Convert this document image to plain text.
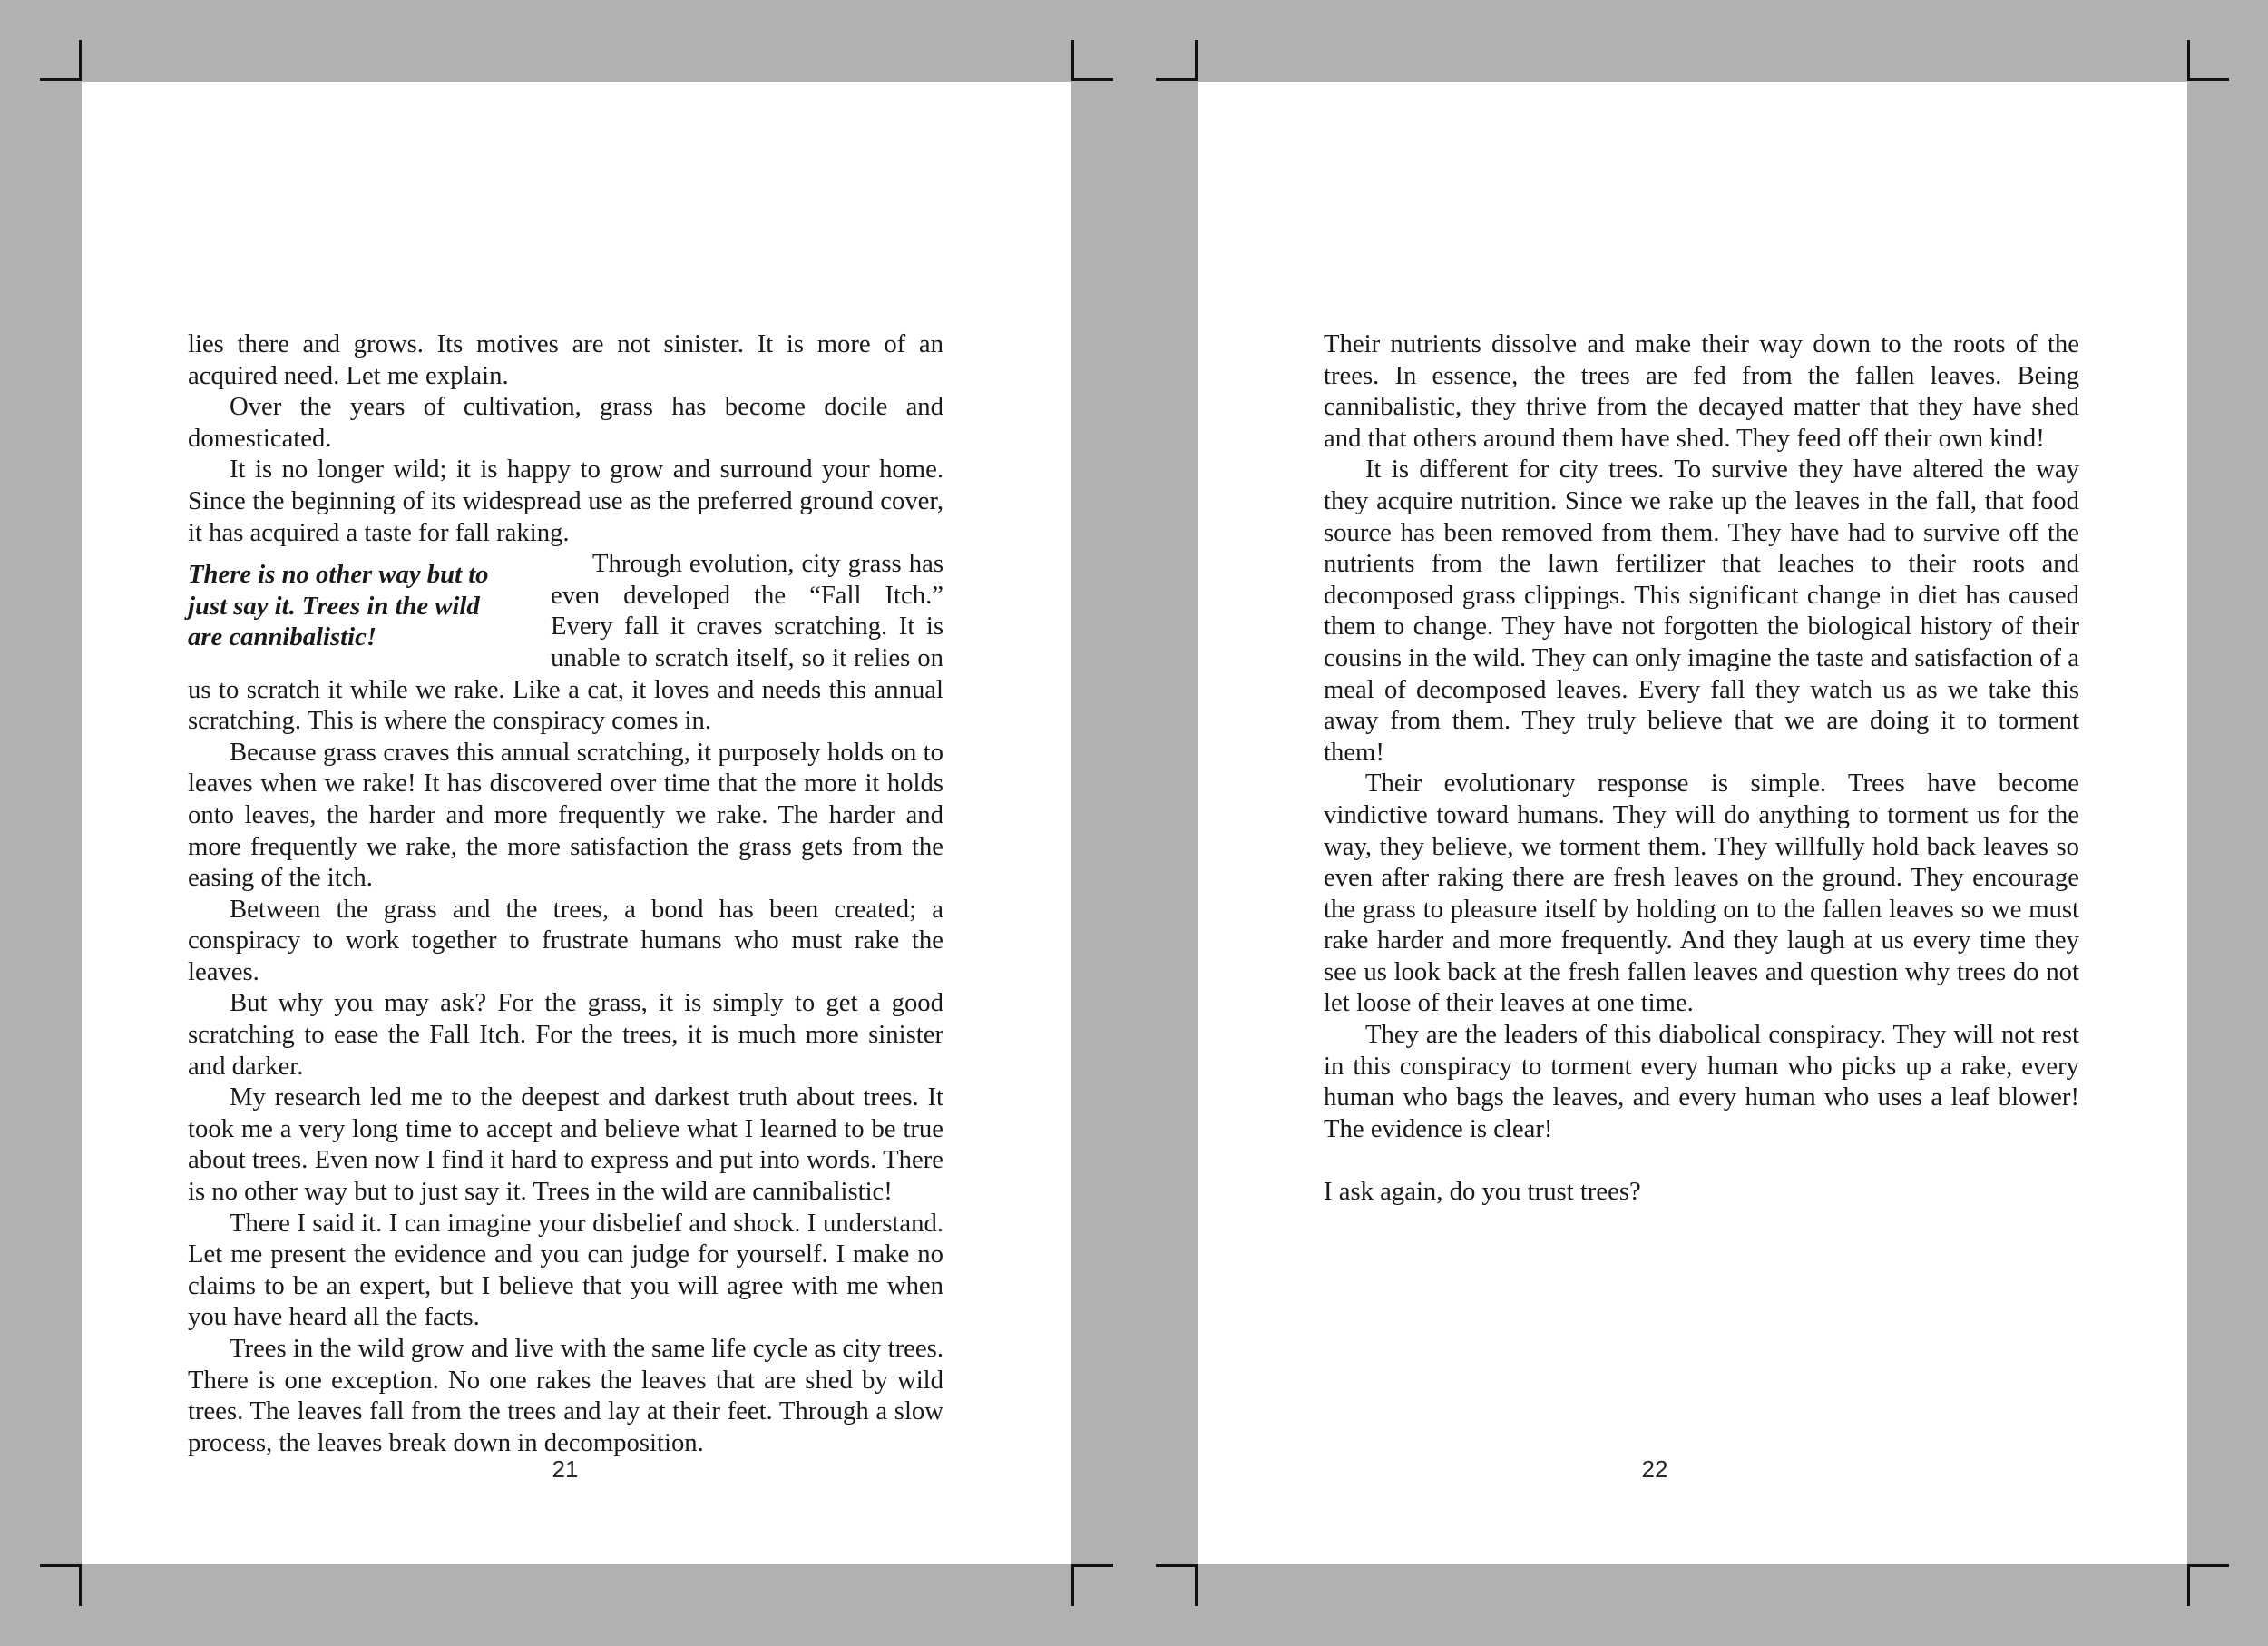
lies there and grows. Its motives are not sinister. It is more of an acquired need. Let me explain.

Over the years of cultivation, grass has become docile and domesticated.

It is no longer wild; it is happy to grow and surround your home. Since the beginning of its widespread use as the preferred ground cover, it has acquired a taste for fall raking.

There is no other way but to just say it. Trees in the wild are cannibalistic!

Through evolution, city grass has even developed the “Fall Itch.” Every fall it craves scratching. It is unable to scratch itself, so it relies on us to scratch it while we rake. Like a cat, it loves and needs this annual scratching. This is where the conspiracy comes in.

Because grass craves this annual scratching, it purposely holds on to leaves when we rake! It has discovered over time that the more it holds onto leaves, the harder and more frequently we rake. The harder and more frequently we rake, the more satisfaction the grass gets from the easing of the itch.

Between the grass and the trees, a bond has been created; a conspiracy to work together to frustrate humans who must rake the leaves.

But why you may ask? For the grass, it is simply to get a good scratching to ease the Fall Itch. For the trees, it is much more sinister and darker.

My research led me to the deepest and darkest truth about trees. It took me a very long time to accept and believe what I learned to be true about trees. Even now I find it hard to express and put into words. There is no other way but to just say it. Trees in the wild are cannibalistic!

There I said it. I can imagine your disbelief and shock. I understand. Let me present the evidence and you can judge for yourself. I make no claims to be an expert, but I believe that you will agree with me when you have heard all the facts.

Trees in the wild grow and live with the same life cycle as city trees. There is one exception. No one rakes the leaves that are shed by wild trees. The leaves fall from the trees and lay at their feet. Through a slow process, the leaves break down in decomposition.

21

Their nutrients dissolve and make their way down to the roots of the trees. In essence, the trees are fed from the fallen leaves. Being cannibalistic, they thrive from the decayed matter that they have shed and that others around them have shed. They feed off their own kind!

It is different for city trees. To survive they have altered the way they acquire nutrition. Since we rake up the leaves in the fall, that food source has been removed from them. They have had to survive off the nutrients from the lawn fertilizer that leaches to their roots and decomposed grass clippings. This significant change in diet has caused them to change. They have not forgotten the biological history of their cousins in the wild. They can only imagine the taste and satisfaction of a meal of decomposed leaves. Every fall they watch us as we take this away from them. They truly believe that we are doing it to torment them!

Their evolutionary response is simple. Trees have become vindictive toward humans. They will do anything to torment us for the way, they believe, we torment them. They willfully hold back leaves so even after raking there are fresh leaves on the ground. They encourage the grass to pleasure itself by holding on to the fallen leaves so we must rake harder and more frequently. And they laugh at us every time they see us look back at the fresh fallen leaves and question why trees do not let loose of their leaves at one time.

They are the leaders of this diabolical conspiracy. They will not rest in this conspiracy to torment every human who picks up a rake, every human who bags the leaves, and every human who uses a leaf blower! The evidence is clear!

I ask again, do you trust trees?

22
